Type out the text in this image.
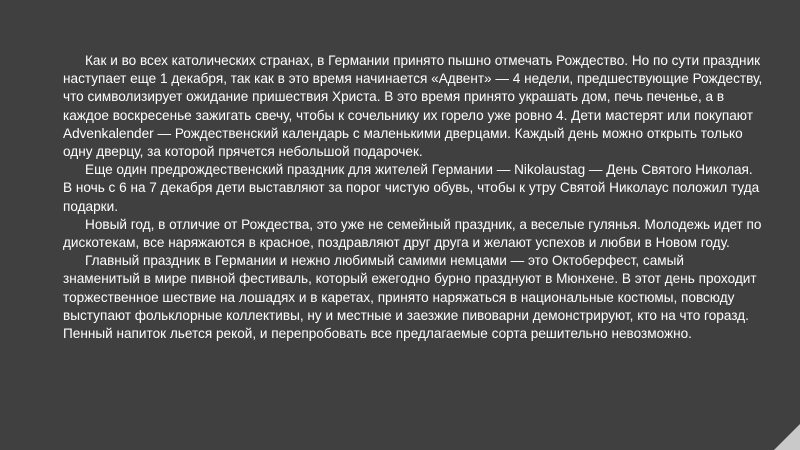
Как и во всех католических странах, в Германии принято пышно отмечать Рождество. Но по сути праздник наступает еще 1 декабря, так как в это время начинается «Адвент» — 4 недели, предшествующие Рождеству, что символизирует ожидание пришествия Христа. В это время принято украшать дом, печь печенье, а в каждое воскресенье зажигать свечу, чтобы к сочельнику их горело уже ровно 4. Дети мастерят или покупают Advenkalender — Рождественский календарь с маленькими дверцами. Каждый день можно открыть только одну дверцу, за которой прячется небольшой подарочек.

Еще один предрождественский праздник для жителей Германии — Nikolaustag — День Святого Николая. В ночь с 6 на 7 декабря дети выставляют за порог чистую обувь, чтобы к утру Святой Николаус положил туда подарки.

Новый год, в отличие от Рождества, это уже не семейный праздник, а веселые гулянья. Молодежь идет по дискотекам, все наряжаются в красное, поздравляют друг друга и желают успехов и любви в Новом году.

Главный праздник в Германии и нежно любимый самими немцами — это Октоберфест, самый знаменитый в мире пивной фестиваль, который ежегодно бурно празднуют в Мюнхене. В этот день проходит торжественное шествие на лошадях и в каретах, принято наряжаться в национальные костюмы, повсюду выступают фольклорные коллективы, ну и местные и заезжие пивоварни демонстрируют, кто на что горазд. Пенный напиток льется рекой, и перепробовать все предлагаемые сорта решительно невозможно.
